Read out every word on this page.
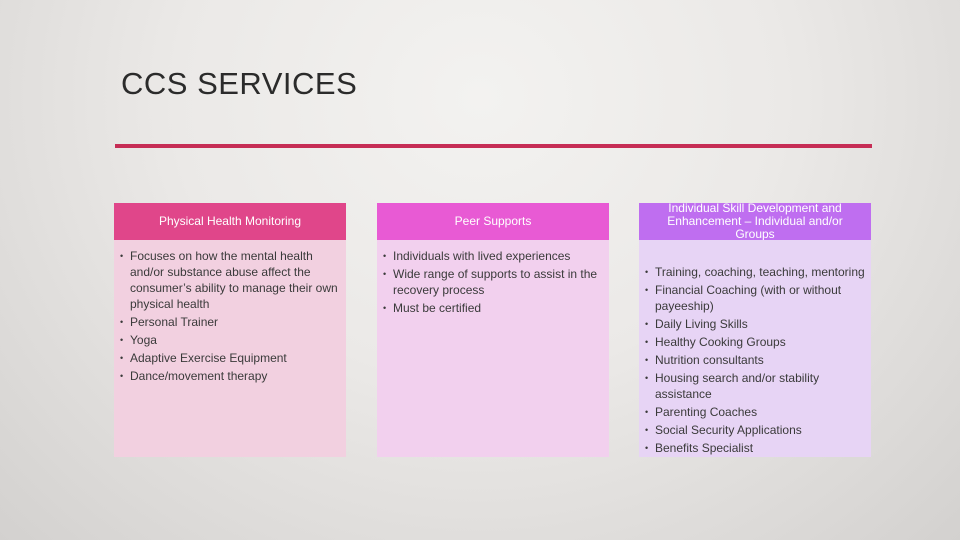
CCS SERVICES
Physical Health Monitoring
• Focuses on how the mental health and/or substance abuse affect the consumer’s ability to manage their own physical health
• Personal Trainer
• Yoga
• Adaptive Exercise Equipment
• Dance/movement therapy
Peer Supports
• Individuals with lived experiences
• Wide range of supports to assist in the recovery process
• Must be certified
Individual Skill Development and Enhancement – Individual and/or Groups
• Training, coaching, teaching, mentoring
• Financial Coaching (with or without payeeship)
• Daily Living Skills
• Healthy Cooking Groups
• Nutrition consultants
• Housing search and/or stability assistance
• Parenting Coaches
• Social Security Applications
• Benefits Specialist
